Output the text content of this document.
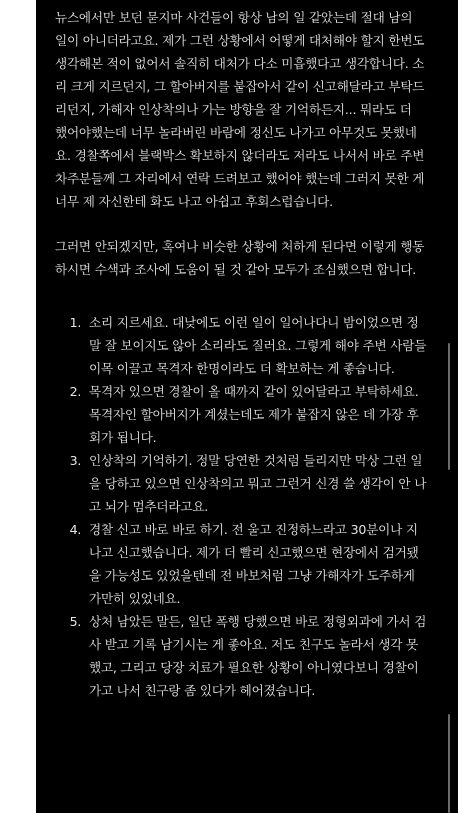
뉴스에서만 보던 묻지마 사건들이 항상 남의 일 같았는데 절대 남의 일이 아니더라고요. 제가 그런 상황에서 어떻게 대처해야 할지 한번도 생각해본 적이 없어서 솔직히 대처가 다소 미흡했다고 생각합니다. 소리 크게 지르던지, 그 할아버지를 붙잡아서 같이 신고해달라고 부탁드리던지, 가해자 인상착의나 가는 방향을 잘 기억하든지... 뭐라도 더 했어야했는데 너무 놀라버린 바람에 정신도 나가고 아무것도 못했네요. 경찰쪽에서 블랙박스 확보하지 않더라도 저라도 나서서 바로 주변 차주분들께 그 자리에서 연락 드려보고 했어야 했는데 그러지 못한 게 너무 제 자신한테 화도 나고 아쉽고 후회스럽습니다.

그러면 안되겠지만, 혹여나 비슷한 상황에 처하게 된다면 이렇게 행동하시면 수색과 조사에 도움이 될 것 같아 모두가 조심했으면 합니다.

1. 소리 지르세요. 대낮에도 이런 일이 일어나다니 밤이었으면 정말 잘 보이지도 않아 소리라도 질러요. 그렇게 해야 주변 사람들 이목 이끌고 목격자 한명이라도 더 확보하는 게 좋습니다.
2. 목격자 있으면 경찰이 올 때까지 같이 있어달라고 부탁하세요. 목격자인 할아버지가 계셨는데도 제가 붙잡지 않은 데 가장 후회가 됩니다.
3. 인상착의 기억하기. 정말 당연한 것처럼 들리지만 막상 그런 일을 당하고 있으면 인상착의고 뭐고 그런거 신경 쓸 생각이 안 나고 뇌가 멈추더라고요.
4. 경찰 신고 바로 바로 하기. 전 울고 진정하느라고 30분이나 지나고 신고했습니다. 제가 더 빨리 신고했으면 현장에서 검거됐을 가능성도 있었을텐데 전 바보처럼 그냥 가해자가 도주하게 가만히 있었네요.
5. 상처 남았든 말든, 일단 폭행 당했으면 바로 정형외과에 가서 검사 받고 기록 남기시는 게 좋아요. 저도 친구도 놀라서 생각 못 했고, 그리고 당장 치료가 필요한 상황이 아니였다보니 경찰이 가고 나서 친구랑 좀 있다가 헤어졌습니다.
